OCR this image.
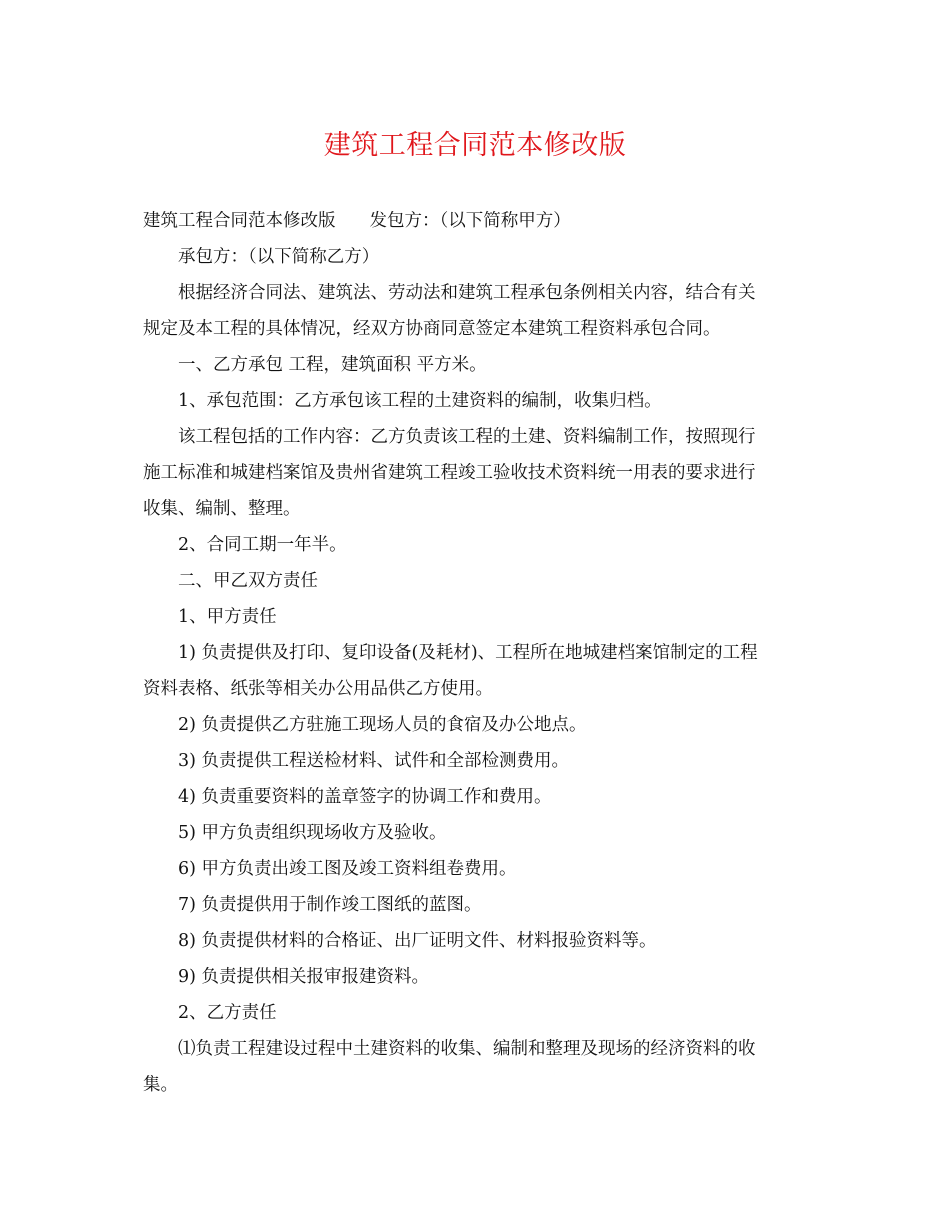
建筑工程合同范本修改版

建筑工程合同范本修改版 发包方：（以下简称甲方）

承包方：（以下简称乙方）

根据经济合同法、建筑法、劳动法和建筑工程承包条例相关内容，结合有关
规定及本工程的具体情况，经双方协商同意签定本建筑工程资料承包合同。

一、乙方承包 工程，建筑面积 平方米。

1、承包范围：乙方承包该工程的土建资料的编制，收集归档。

该工程包括的工作内容：乙方负责该工程的土建、资料编制工作，按照现行
施工标准和城建档案馆及贵州省建筑工程竣工验收技术资料统一用表的要求进行
收集、编制、整理。

2、合同工期一年半。

二、甲乙双方责任

1、甲方责任

1) 负责提供及打印、复印设备(及耗材)、工程所在地城建档案馆制定的工程
资料表格、纸张等相关办公用品供乙方使用。

2) 负责提供乙方驻施工现场人员的食宿及办公地点。

3) 负责提供工程送检材料、试件和全部检测费用。

4) 负责重要资料的盖章签字的协调工作和费用。

5) 甲方负责组织现场收方及验收。

6) 甲方负责出竣工图及竣工资料组卷费用。

7) 负责提供用于制作竣工图纸的蓝图。

8) 负责提供材料的合格证、出厂证明文件、材料报验资料等。

9) 负责提供相关报审报建资料。

2、乙方责任

⑴负责工程建设过程中土建资料的收集、编制和整理及现场的经济资料的收
集。
